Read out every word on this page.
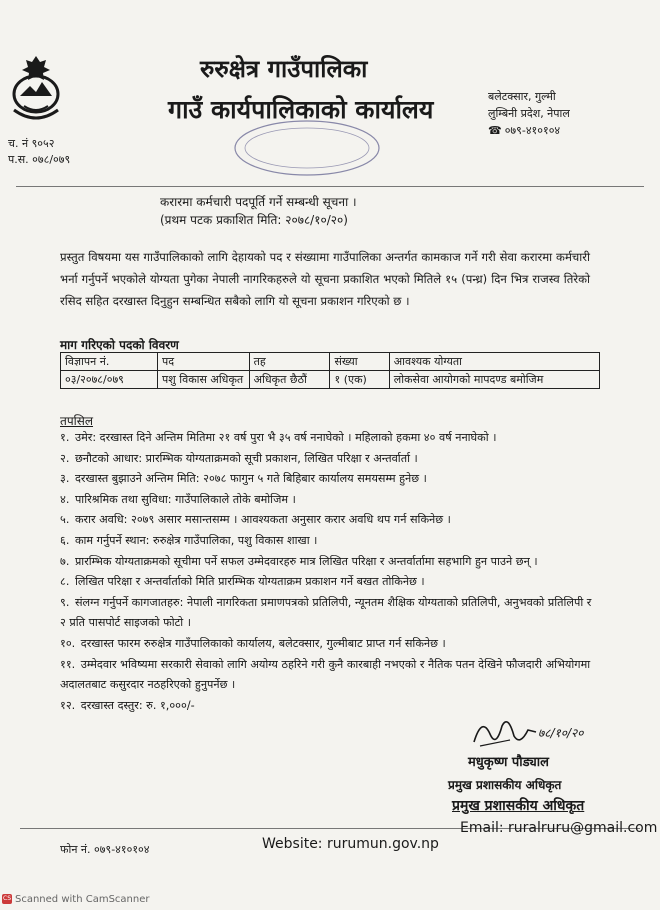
च. नं ९०५२
प.स. ०७८/०७९
रुरुक्षेत्र गाउँपालिका
गाउँ कार्यपालिकाको कार्यालय	बलेटक्सार, गुल्मी
लुम्बिनी प्रदेश, नेपाल
☎ ०७९-४१०१०४
करारमा कर्मचारी पदपूर्ति गर्ने सम्बन्धी सूचना ।
(प्रथम पटक प्रकाशित मिति: २०७८/१०/२०)

प्रस्तुत विषयमा यस गाउँपालिकाको लागि देहायको पद र संख्यामा गाउँपालिका अन्तर्गत कामकाज गर्ने गरी सेवा करारमा कर्मचारी भर्ना गर्नुपर्ने भएकोले योग्यता पुगेका नेपाली नागरिकहरुले यो सूचना प्रकाशित भएको मितिले १५ (पन्ध्र) दिन भित्र राजस्व तिरेको रसिद सहित दरखास्त दिनुहुन सम्बन्धित सबैको लागि यो सूचना प्रकाशन गरिएको छ ।

माग गरिएको पदको विवरण
विज्ञापन नं.	पद	तह	संख्या	आवश्यक योग्यता
०३/२०७८/०७९	पशु विकास अधिकृत	अधिकृत छैठौं	१ (एक)	लोकसेवा आयोगको मापदण्ड बमोजिम
तपसिल
१. उमेर: दरखास्त दिने अन्तिम मितिमा २१ वर्ष पुरा भै ३५ वर्ष ननाघेको । महिलाको हकमा ४० वर्ष ननाघेको ।
२. छनौटको आधार: प्रारम्भिक योग्यताक्रमको सूची प्रकाशन, लिखित परिक्षा र अन्तर्वार्ता ।
३. दरखास्त बुझाउने अन्तिम मिति: २०७८ फागुन ५ गते बिहिबार कार्यालय समयसम्म हुनेछ ।
४. पारिश्रमिक तथा सुविधा: गाउँपालिकाले तोके बमोजिम ।
५. करार अवधि: २०७९ असार मसान्तसम्म । आवश्यकता अनुसार करार अवधि थप गर्न सकिनेछ ।
६. काम गर्नुपर्ने स्थान: रुरुक्षेत्र गाउँपालिका, पशु विकास शाखा ।
७. प्रारम्भिक योग्यताक्रमको सूचीमा पर्ने सफल उम्मेदवारहरु मात्र लिखित परिक्षा र अन्तर्वार्तामा सहभागि हुन पाउने छन् ।
८. लिखित परिक्षा र अन्तर्वार्ताको मिति प्रारम्भिक योग्यताक्रम प्रकाशन गर्ने बखत तोकिनेछ ।
९. संलग्न गर्नुपर्ने कागजातहरु: नेपाली नागरिकता प्रमाणपत्रको प्रतिलिपी, न्यूनतम शैक्षिक योग्यताको प्रतिलिपी, अनुभवको प्रतिलिपी र २ प्रति पासपोर्ट साइजको फोटो ।
१०. दरखास्त फारम रुरुक्षेत्र गाउँपालिकाको कार्यालय, बलेटक्सार, गुल्मीबाट प्राप्त गर्न सकिनेछ ।
११. उम्मेदवार भविष्यमा सरकारी सेवाको लागि अयोग्य ठहरिने गरी कुनै कारबाही नभएको र नैतिक पतन देखिने फौजदारी अभियोगमा अदालतबाट कसुरदार नठहरिएको हुनुपर्नेछ ।
१२. दरखास्त दस्तुर: रु. १,०००/-
७८/१०/२०
मधुकृष्ण पौड्याल
प्रमुख प्रशासकीय अधिकृत
प्रमुख प्रशासकीय अधिकृत
फोन नं. ०७९-४१०१०४	Website: rurumun.gov.np
Email: ruralruru@gmail.com
CS Scanned with CamScanner
